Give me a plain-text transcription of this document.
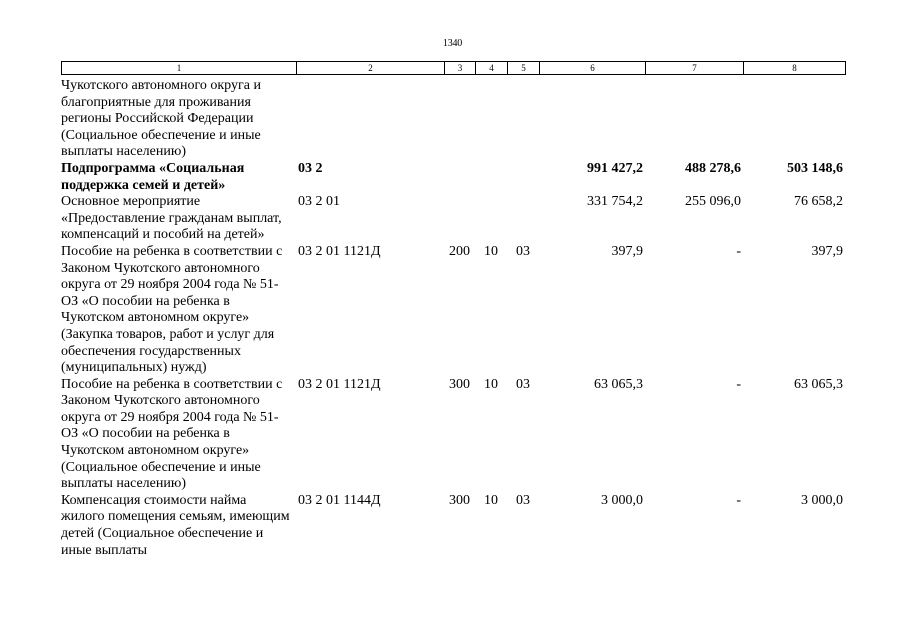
1340
1	2	3	4	5	6	7	8
Чукотского автономного округа и благоприятные для проживания регионы Российской Федерации (Социальное обеспечение и иные выплаты населению)							
Подпрограмма «Социальная поддержка семей и детей»	03 2				991 427,2	488 278,6	503 148,6
Основное мероприятие «Предоставление гражданам выплат, компенсаций и пособий на детей»	03 2 01				331 754,2	255 096,0	76 658,2
Пособие на ребенка в соответствии с Законом Чукотского автономного округа от 29 ноября 2004 года № 51-ОЗ «О пособии на ребенка в Чукотском автономном округе» (Закупка товаров, работ и услуг для обеспечения государственных (муниципальных) нужд)	03 2 01 1121Д	200	10	03	397,9	-	397,9
Пособие на ребенка в соответствии с Законом Чукотского автономного округа от 29 ноября 2004 года № 51-ОЗ «О пособии на ребенка в Чукотском автономном округе» (Социальное обеспечение и иные выплаты населению)	03 2 01 1121Д	300	10	03	63 065,3	-	63 065,3
Компенсация стоимости найма жилого помещения семьям, имеющим детей (Социальное обеспечение и иные выплаты	03 2 01 1144Д	300	10	03	3 000,0	-	3 000,0
